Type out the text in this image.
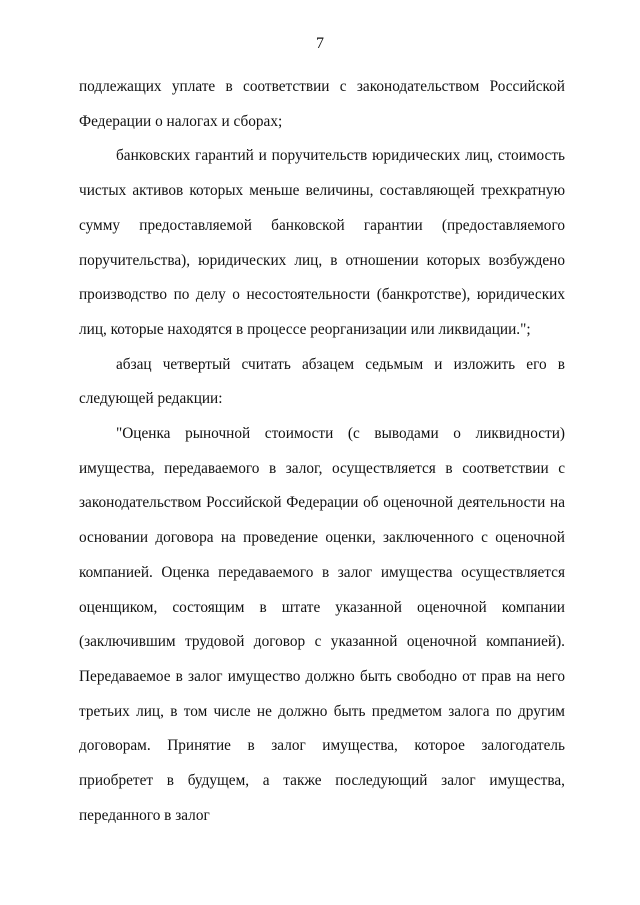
7

подлежащих уплате в соответствии с законодательством Российской Федерации о налогах и сборах;

банковских гарантий и поручительств юридических лиц, стоимость чистых активов которых меньше величины, составляющей трехкратную сумму предоставляемой банковской гарантии (предоставляемого поручительства), юридических лиц, в отношении которых возбуждено производство по делу о несостоятельности (банкротстве), юридических лиц, которые находятся в процессе реорганизации или ликвидации.";

абзац четвертый считать абзацем седьмым и изложить его в следующей редакции:

"Оценка рыночной стоимости (с выводами о ликвидности) имущества, передаваемого в залог, осуществляется в соответствии с законодательством Российской Федерации об оценочной деятельности на основании договора на проведение оценки, заключенного с оценочной компанией. Оценка передаваемого в залог имущества осуществляется оценщиком, состоящим в штате указанной оценочной компании (заключившим трудовой договор с указанной оценочной компанией). Передаваемое в залог имущество должно быть свободно от прав на него третьих лиц, в том числе не должно быть предметом залога по другим договорам. Принятие в залог имущества, которое залогодатель приобретет в будущем, а также последующий залог имущества, переданного в залог
